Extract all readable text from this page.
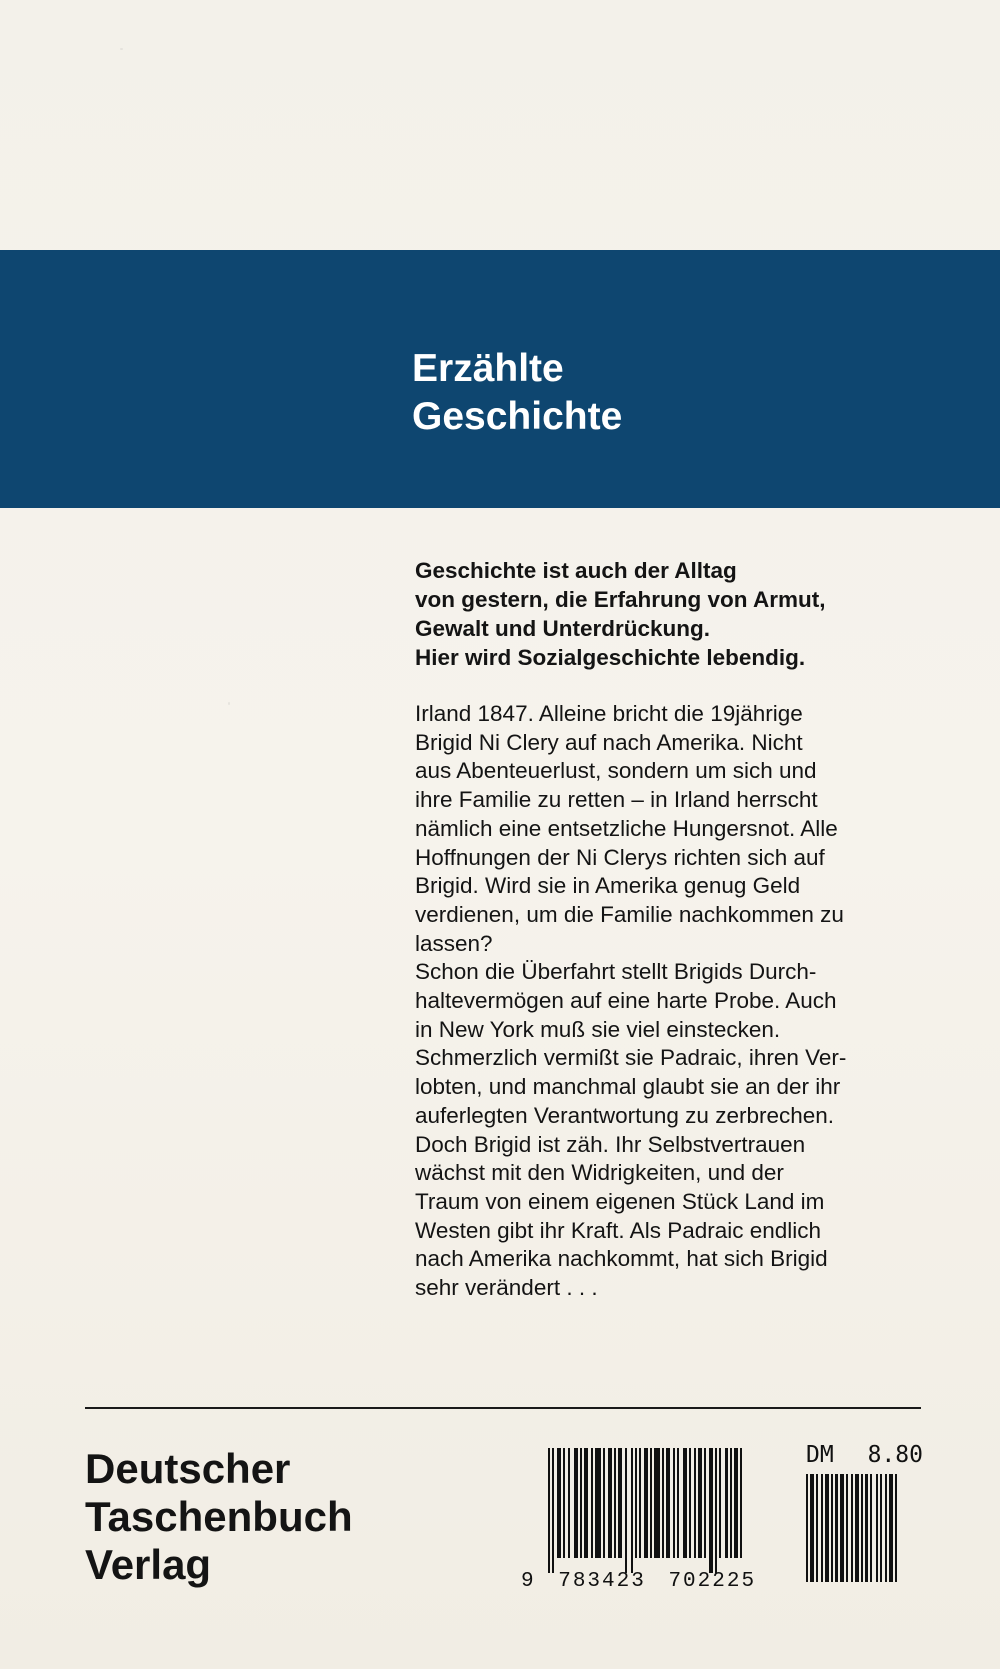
Erzählte
Geschichte
Geschichte ist auch der Alltag
von gestern, die Erfahrung von Armut,
Gewalt und Unterdrückung.
Hier wird Sozialgeschichte lebendig.
Irland 1847. Alleine bricht die 19jährige
Brigid Ni Clery auf nach Amerika. Nicht
aus Abenteuerlust, sondern um sich und
ihre Familie zu retten – in Irland herrscht
nämlich eine entsetzliche Hungersnot. Alle
Hoffnungen der Ni Clerys richten sich auf
Brigid. Wird sie in Amerika genug Geld
verdienen, um die Familie nachkommen zu
lassen?
Schon die Überfahrt stellt Brigids Durch-
haltevermögen auf eine harte Probe. Auch
in New York muß sie viel einstecken.
Schmerzlich vermißt sie Padraic, ihren Ver-
lobten, und manchmal glaubt sie an der ihr
auferlegten Verantwortung zu zerbrechen.
Doch Brigid ist zäh. Ihr Selbstvertrauen
wächst mit den Widrigkeiten, und der
Traum von einem eigenen Stück Land im
Westen gibt ihr Kraft. Als Padraic endlich
nach Amerika nachkommt, hat sich Brigid
sehr verändert . . .
Deutscher
Taschenbuch
Verlag	9 783423 702225
DM 8.80
